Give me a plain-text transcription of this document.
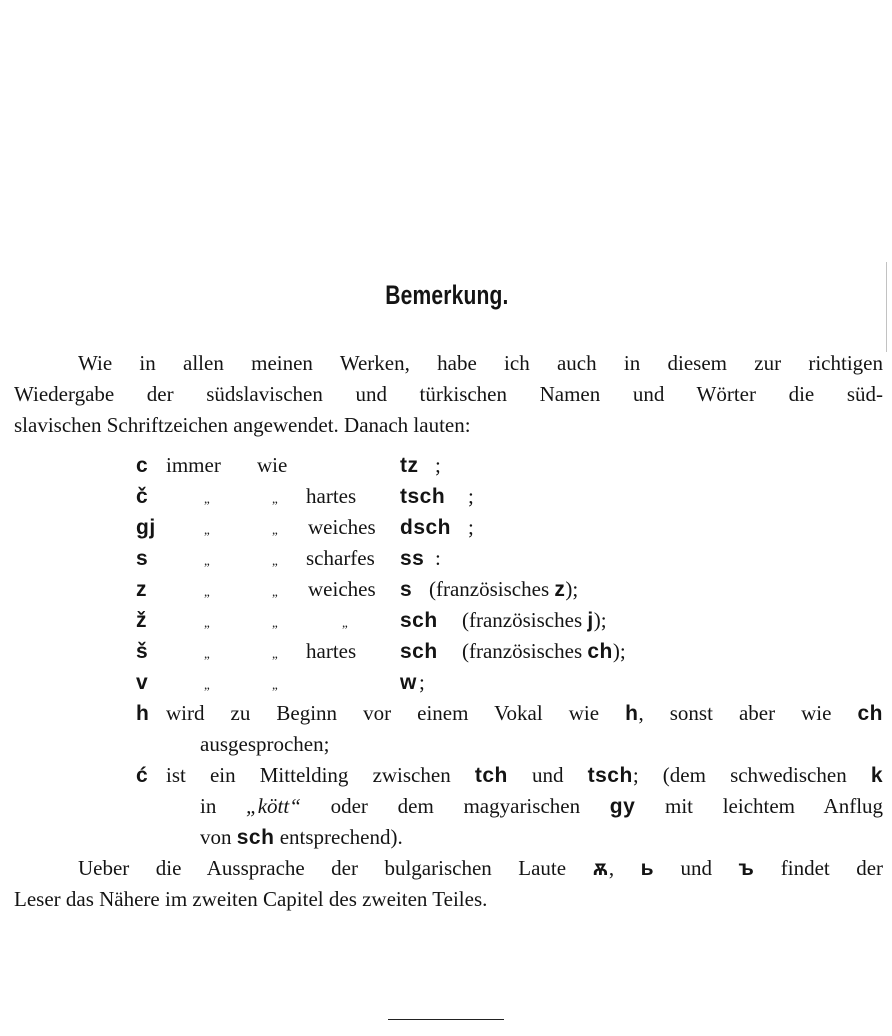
Bemerkung.
Wie in allen meinen Werken, habe ich auch in diesem zur richtigen
Wiedergabe der südslavischen und türkischen Namen und Wörter die süd-
slavischen Schriftzeichen angewendet. Danach lauten:
c immer wie	tz ;
č	„	„ hartes tsch ;
gj	„	„ weiches dsch ;
s	„	„ scharfes ss :
z	„	„ weiches s (französisches z);
ž	„	„	„ sch (französisches j);
š	„	„ hartes sch (französisches ch);
v	„	„	w ;
h wird zu Beginn vor einem Vokal wie h, sonst aber wie ch
ausgesprochen;
ć ist ein Mittelding zwischen tch und tsch; (dem schwedischen k
in „kött“ oder dem magyarischen gy mit leichtem Anflug
von sch entsprechend).
Ueber die Aussprache der bulgarischen Laute ѫ, ь und ъ findet der
Leser das Nähere im zweiten Capitel des zweiten Teiles.
